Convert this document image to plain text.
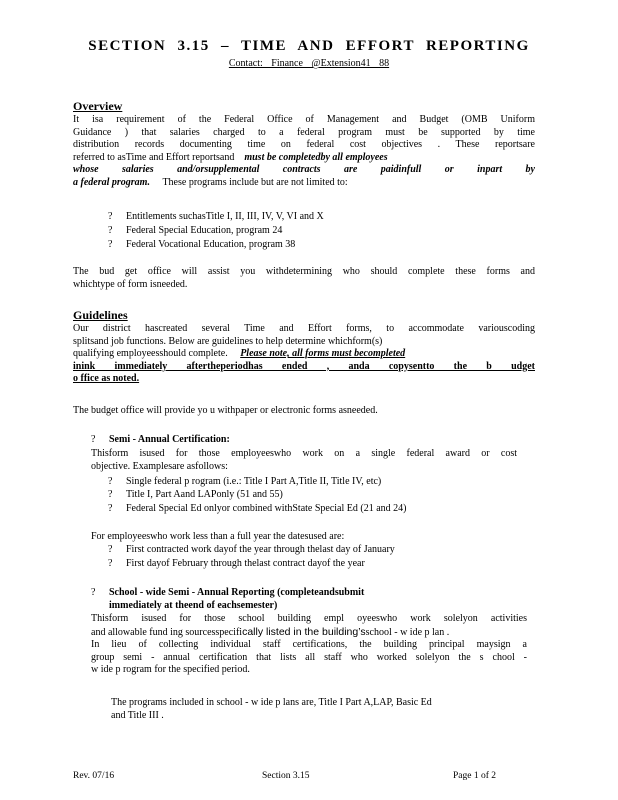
SECTION 3.15 – TIME AND EFFORT REPORTING
Contact: Finance @Extension41 88
Overview
It isa requirement of the Federal Office of Management and Budget (OMB Uniform
Guidance ) that salaries charged to a federal program must be supported by time
distribution records documenting time on federal cost objectives . These reportsare
referred to asTime and Effort reportsand must be completedby all employees
whose salaries and/orsupplemental contracts are paidinfull or inpart by
a federal program. These programs include but are not limited to:
? Entitlements suchasTitle I, II, III, IV, V, VI and X
? Federal Special Education, program 24
? Federal Vocational Education, program 38
The bud get office will assist you withdetermining who should complete these forms and
whichtype of form isneeded.
Guidelines
Our district hascreated several Time and Effort forms, to accommodate variouscoding
splitsand job functions. Below are guidelines to help determine whichform(s)
qualifying employeesshould complete. Please note, all forms must becompleted
inink immediately aftertheperiodhas ended , anda copysentto the b udget
o ffice as noted.
The budget office will provide yo u withpaper or electronic forms asneeded.
? Semi - Annual Certification:
Thisform isused for those employeeswho work on a single federal award or cost
objective. Examplesare asfollows:
? Single federal p rogram (i.e.: Title I Part A,Title II, Title IV, etc)
? Title I, Part Aand LAPonly (51 and 55)
? Federal Special Ed onlyor combined withState Special Ed (21 and 24)
For employeeswho work less than a full year the datesused are:
? First contracted work dayof the year through thelast day of January
? First dayof February through thelast contract dayof the year
? School - wide Semi - Annual Reporting (completeandsubmit
immediately at theend of eachsemester)
Thisform isused for those school building empl oyeeswho work solelyon activities
and allowable fund ing sourcesspecifically listed in the building’sschool - w ide p lan .
In lieu of collecting individual staff certifications, the building principal maysign a
group semi - annual certification that lists all staff who worked solelyon the s chool -
w ide p rogram for the specified period.
The programs included in school - w ide p lans are, Title I Part A,LAP, Basic Ed
and Title III .
Rev. 07/16	Section 3.15	Page 1 of 2
